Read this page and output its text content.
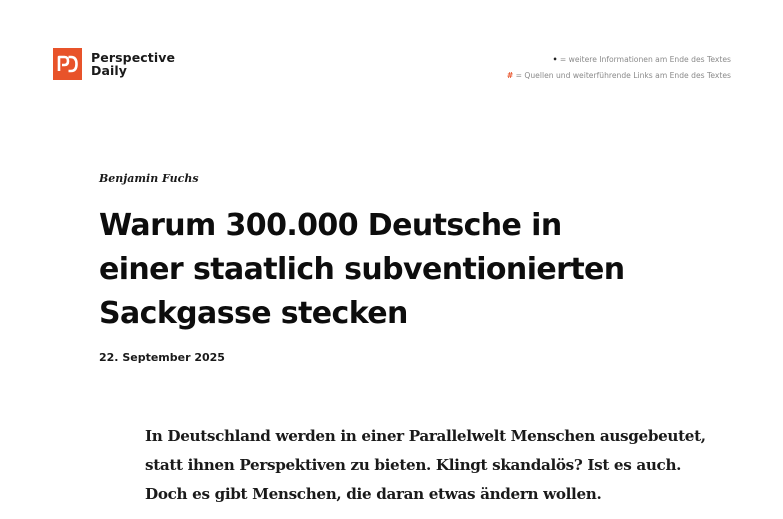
Perspective
Daily
• = weitere Informationen am Ende des Textes
# = Quellen und weiterführende Links am Ende des Textes
Benjamin Fuchs
Warum 300.000 Deutsche in
einer staatlich subventionierten
Sackgasse stecken
22. September 2025

In Deutschland werden in einer Parallelwelt Menschen ausgebeutet,
statt ihnen Perspektiven zu bieten. Klingt skandalös? Ist es auch.
Doch es gibt Menschen, die daran etwas ändern wollen.
